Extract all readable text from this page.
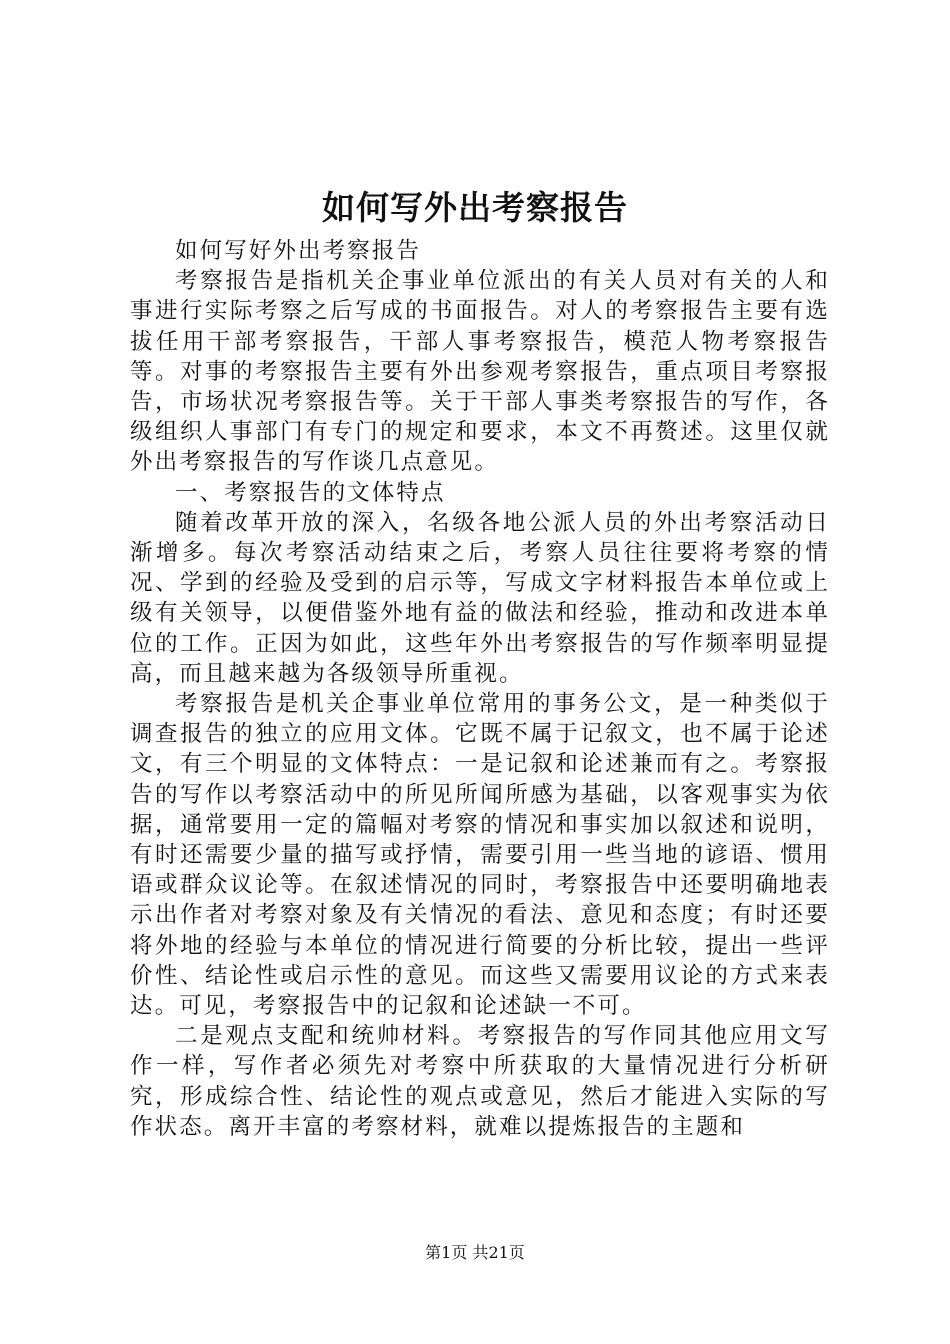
如何写外出考察报告

如何写好外出考察报告

考察报告是指机关企事业单位派出的有关人员对有关的人和事进行实际考察之后写成的书面报告。对人的考察报告主要有选拔任用干部考察报告，干部人事考察报告，模范人物考察报告等。对事的考察报告主要有外出参观考察报告，重点项目考察报告，市场状况考察报告等。关于干部人事类考察报告的写作，各级组织人事部门有专门的规定和要求，本文不再赘述。这里仅就外出考察报告的写作谈几点意见。

一、考察报告的文体特点

随着改革开放的深入，名级各地公派人员的外出考察活动日渐增多。每次考察活动结束之后，考察人员往往要将考察的情况、学到的经验及受到的启示等，写成文字材料报告本单位或上级有关领导，以便借鉴外地有益的做法和经验，推动和改进本单位的工作。正因为如此，这些年外出考察报告的写作频率明显提高，而且越来越为各级领导所重视。

考察报告是机关企事业单位常用的事务公文，是一种类似于调查报告的独立的应用文体。它既不属于记叙文，也不属于论述文，有三个明显的文体特点：一是记叙和论述兼而有之。考察报告的写作以考察活动中的所见所闻所感为基础，以客观事实为依据，通常要用一定的篇幅对考察的情况和事实加以叙述和说明，有时还需要少量的描写或抒情，需要引用一些当地的谚语、惯用语或群众议论等。在叙述情况的同时，考察报告中还要明确地表示出作者对考察对象及有关情况的看法、意见和态度；有时还要将外地的经验与本单位的情况进行简要的分析比较，提出一些评价性、结论性或启示性的意见。而这些又需要用议论的方式来表达。可见，考察报告中的记叙和论述缺一不可。

二是观点支配和统帅材料。考察报告的写作同其他应用文写作一样，写作者必须先对考察中所获取的大量情况进行分析研究，形成综合性、结论性的观点或意见，然后才能进入实际的写作状态。离开丰富的考察材料，就难以提炼报告的主题和

第1页 共21页
